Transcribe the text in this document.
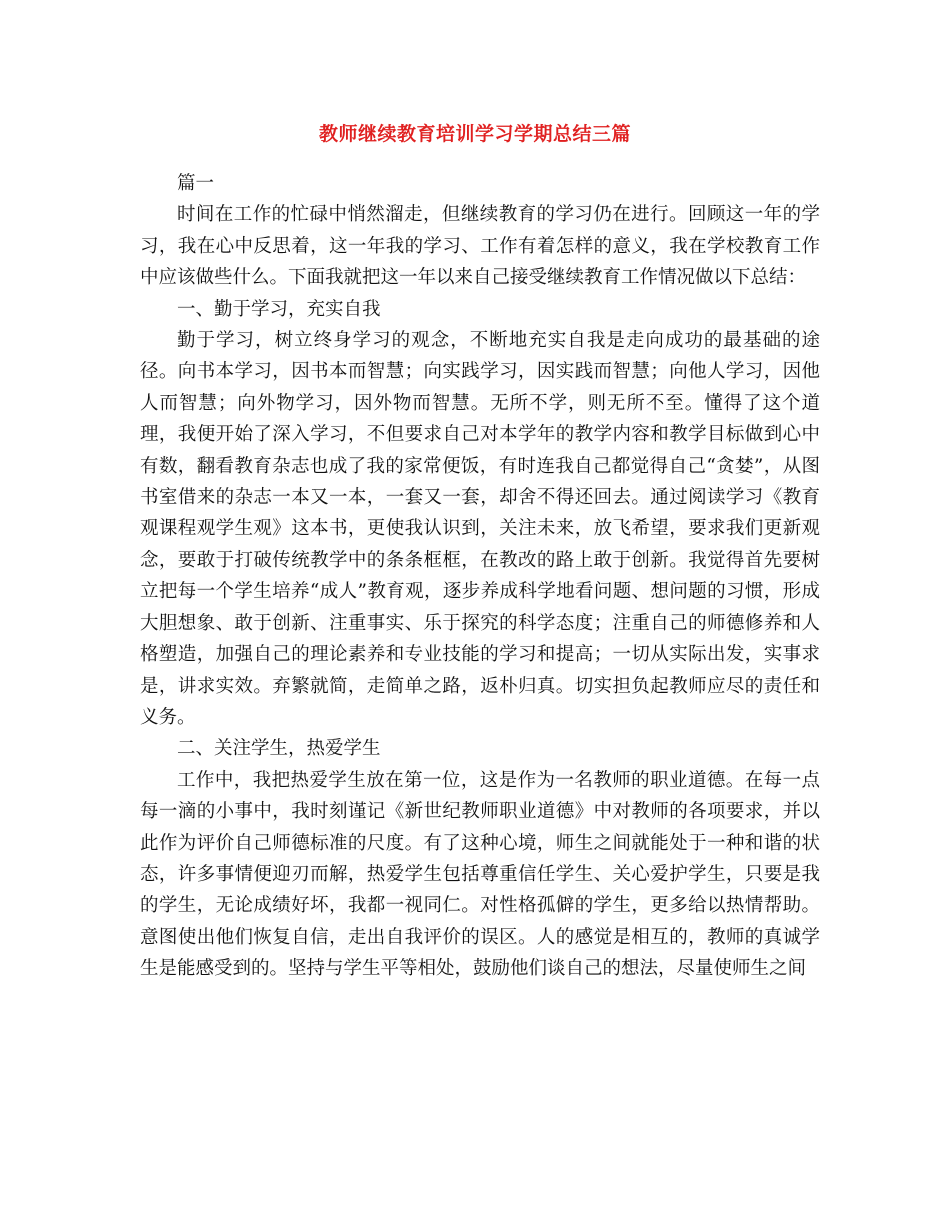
教师继续教育培训学习学期总结三篇

篇一

时间在工作的忙碌中悄然溜走，但继续教育的学习仍在进行。回顾这一年的学习，我在心中反思着，这一年我的学习、工作有着怎样的意义，我在学校教育工作中应该做些什么。下面我就把这一年以来自己接受继续教育工作情况做以下总结：

一、勤于学习，充实自我

勤于学习，树立终身学习的观念，不断地充实自我是走向成功的最基础的途径。向书本学习，因书本而智慧；向实践学习，因实践而智慧；向他人学习，因他人而智慧；向外物学习，因外物而智慧。无所不学，则无所不至。懂得了这个道理，我便开始了深入学习，不但要求自己对本学年的教学内容和教学目标做到心中有数，翻看教育杂志也成了我的家常便饭，有时连我自己都觉得自己“贪婪”，从图书室借来的杂志一本又一本，一套又一套，却舍不得还回去。通过阅读学习《教育观课程观学生观》这本书，更使我认识到，关注未来，放飞希望，要求我们更新观念，要敢于打破传统教学中的条条框框，在教改的路上敢于创新。我觉得首先要树立把每一个学生培养“成人”教育观，逐步养成科学地看问题、想问题的习惯，形成大胆想象、敢于创新、注重事实、乐于探究的科学态度；注重自己的师德修养和人格塑造，加强自己的理论素养和专业技能的学习和提高；一切从实际出发，实事求是，讲求实效。弃繁就简，走简单之路，返朴归真。切实担负起教师应尽的责任和义务。

二、关注学生，热爱学生

工作中，我把热爱学生放在第一位，这是作为一名教师的职业道德。在每一点每一滴的小事中，我时刻谨记《新世纪教师职业道德》中对教师的各项要求，并以此作为评价自己师德标准的尺度。有了这种心境，师生之间就能处于一种和谐的状态，许多事情便迎刃而解，热爱学生包括尊重信任学生、关心爱护学生，只要是我的学生，无论成绩好坏，我都一视同仁。对性格孤僻的学生，更多给以热情帮助。意图使出他们恢复自信，走出自我评价的误区。人的感觉是相互的，教师的真诚学生是能感受到的。坚持与学生平等相处，鼓励他们谈自己的想法，尽量使师生之间
